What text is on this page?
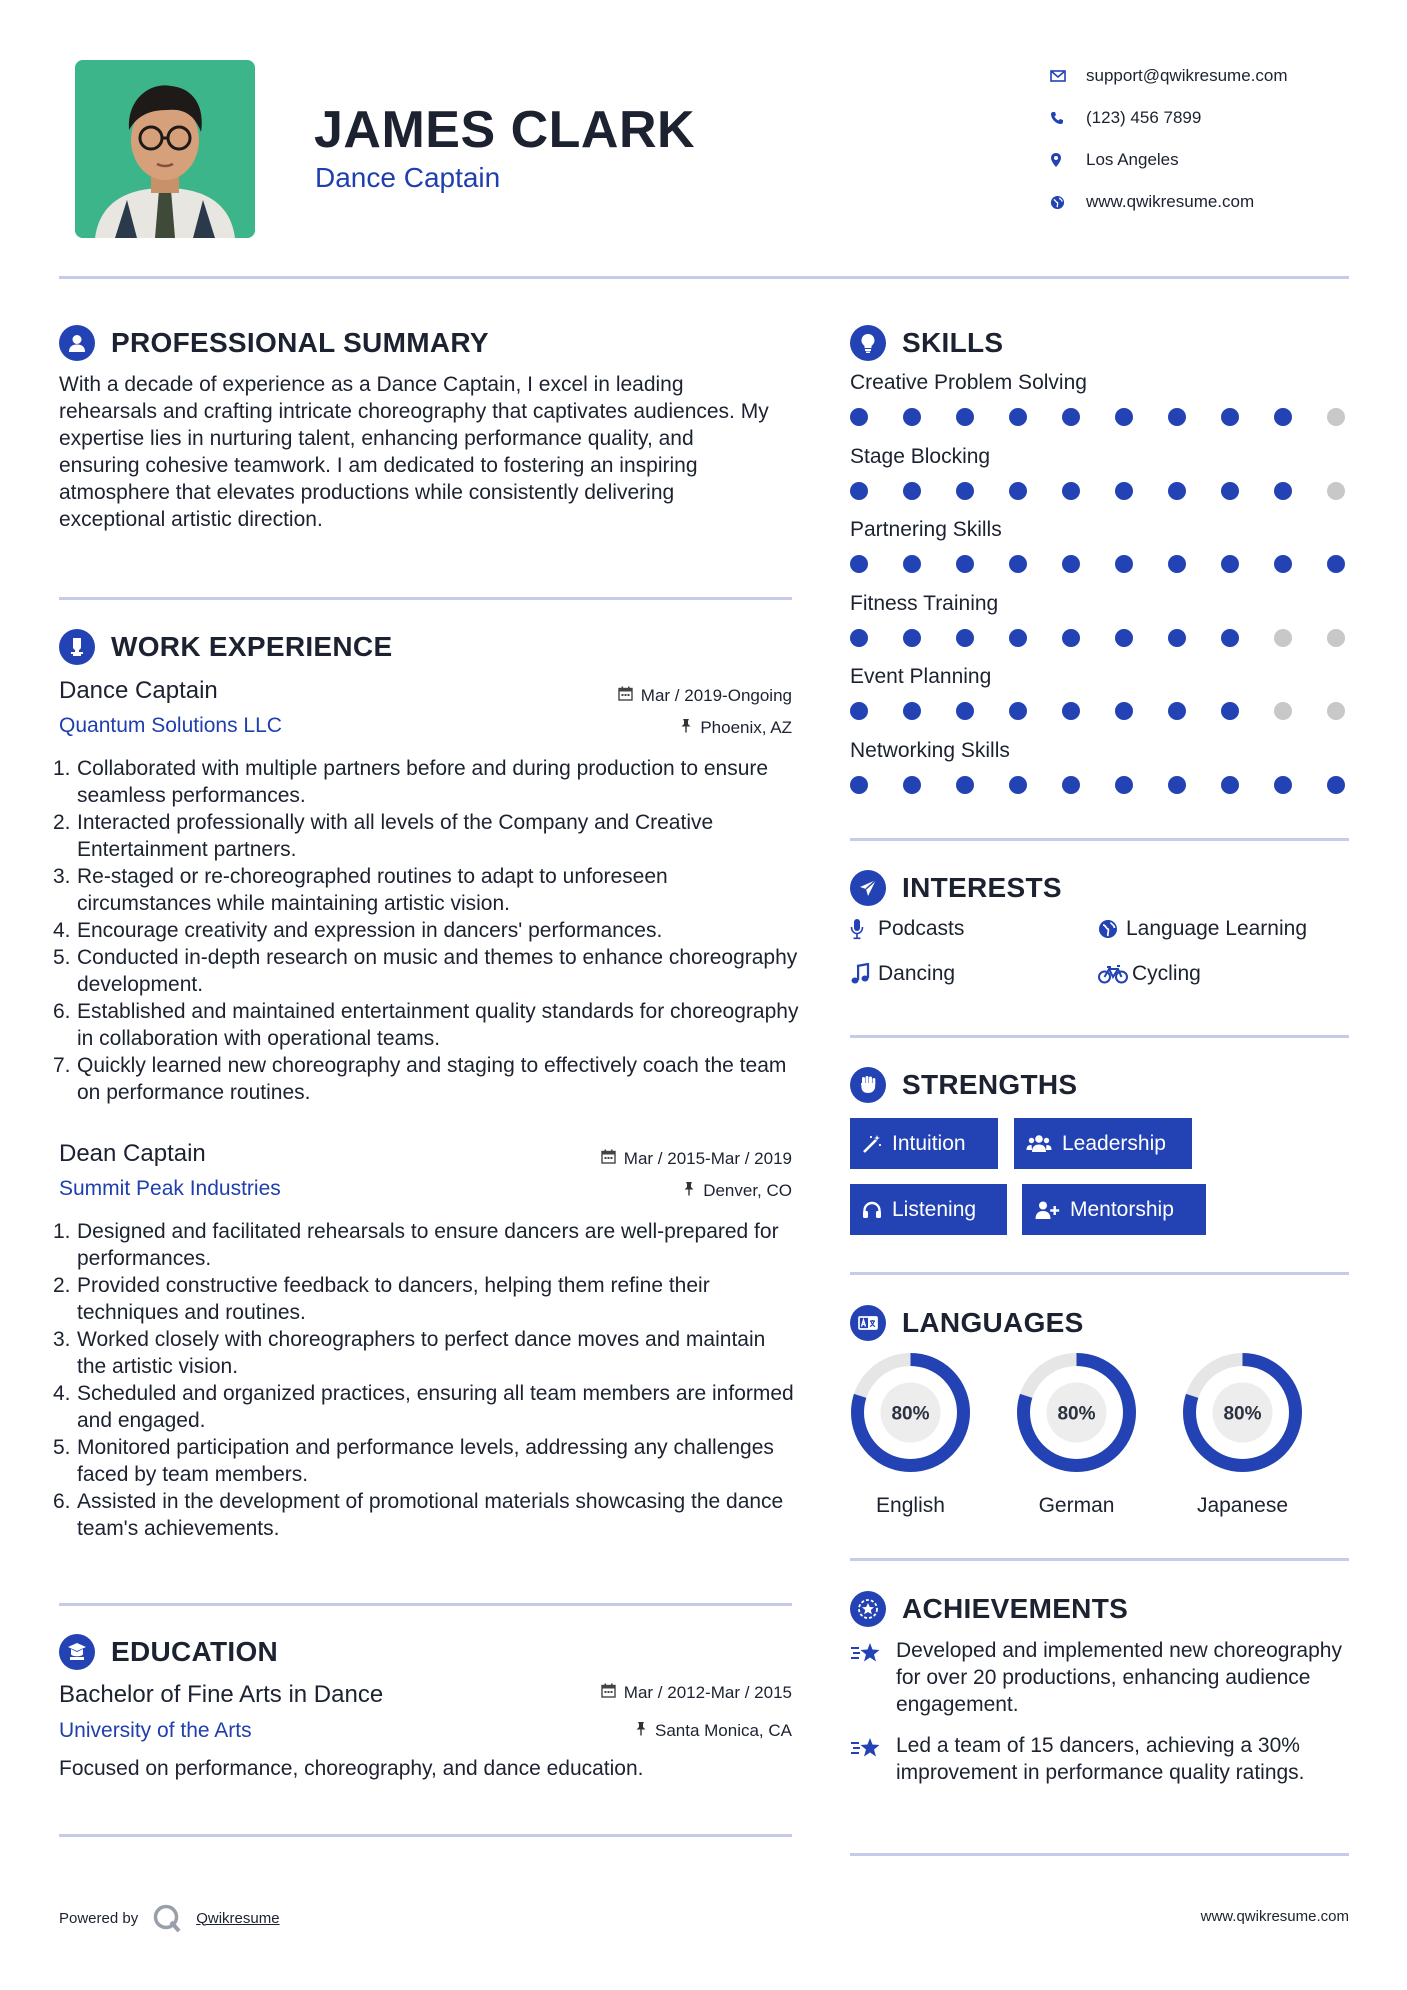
JAMES CLARK
Dance Captain
support@qwikresume.com
(123) 456 7899
Los Angeles
www.qwikresume.com
PROFESSIONAL SUMMARY
With a decade of experience as a Dance Captain, I excel in leading rehearsals and crafting intricate choreography that captivates audiences. My expertise lies in nurturing talent, enhancing performance quality, and ensuring cohesive teamwork. I am dedicated to fostering an inspiring atmosphere that elevates productions while consistently delivering exceptional artistic direction.
WORK EXPERIENCE
Dance Captain
Quantum Solutions LLC
Mar / 2019-Ongoing
Phoenix, AZ
1. Collaborated with multiple partners before and during production to ensure seamless performances.
2. Interacted professionally with all levels of the Company and Creative Entertainment partners.
3. Re-staged or re-choreographed routines to adapt to unforeseen circumstances while maintaining artistic vision.
4. Encourage creativity and expression in dancers' performances.
5. Conducted in-depth research on music and themes to enhance choreography development.
6. Established and maintained entertainment quality standards for choreography in collaboration with operational teams.
7. Quickly learned new choreography and staging to effectively coach the team on performance routines.
Dean Captain
Summit Peak Industries
Mar / 2015-Mar / 2019
Denver, CO
1. Designed and facilitated rehearsals to ensure dancers are well-prepared for performances.
2. Provided constructive feedback to dancers, helping them refine their techniques and routines.
3. Worked closely with choreographers to perfect dance moves and maintain the artistic vision.
4. Scheduled and organized practices, ensuring all team members are informed and engaged.
5. Monitored participation and performance levels, addressing any challenges faced by team members.
6. Assisted in the development of promotional materials showcasing the dance team's achievements.
EDUCATION
Bachelor of Fine Arts in Dance
University of the Arts
Mar / 2012-Mar / 2015
Santa Monica, CA
Focused on performance, choreography, and dance education.
SKILLS
Creative Problem Solving
Stage Blocking
Partnering Skills
Fitness Training
Event Planning
Networking Skills
INTERESTS
Podcasts	Language Learning
Dancing	Cycling
STRENGTHS
Intuition	Leadership
Listening	Mentorship
LANGUAGES
80%
English
80%
German
80%
Japanese
ACHIEVEMENTS
Developed and implemented new choreography for over 20 productions, enhancing audience engagement.
Led a team of 15 dancers, achieving a 30% improvement in performance quality ratings.
Powered by	Qwikresume	www.qwikresume.com
